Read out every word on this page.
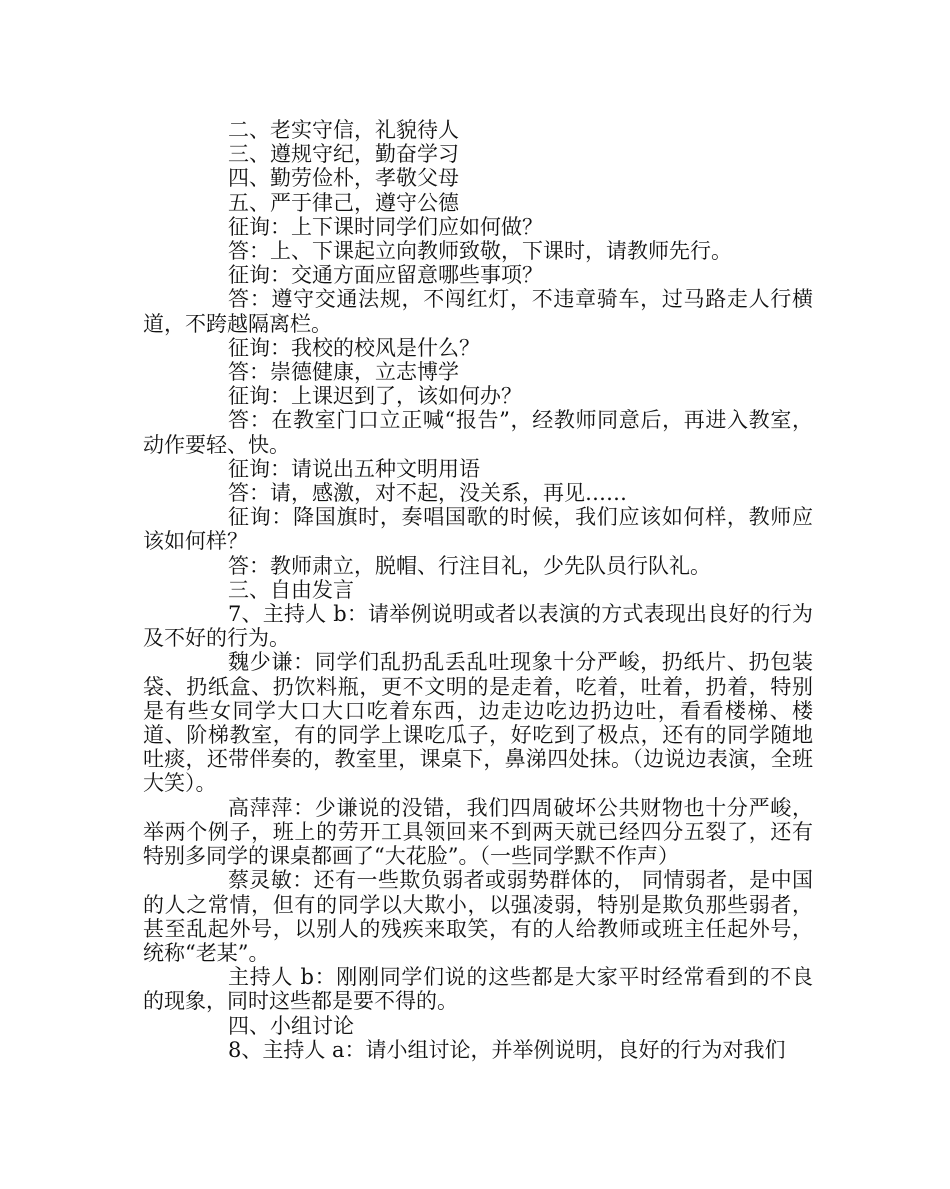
二、老实守信，礼貌待人

三、遵规守纪，勤奋学习

四、勤劳俭朴，孝敬父母

五、严于律己，遵守公德

征询：上下课时同学们应如何做？

答：上、下课起立向教师致敬，下课时，请教师先行。

征询：交通方面应留意哪些事项？

答：遵守交通法规，不闯红灯，不违章骑车，过马路走人行横道，不跨越隔离栏。

征询：我校的校风是什么？

答：崇德健康，立志博学

征询：上课迟到了，该如何办？

答：在教室门口立正喊“报告”，经教师同意后，再进入教室，动作要轻、快。

征询：请说出五种文明用语

答：请，感激，对不起，没关系，再见……

征询：降国旗时，奏唱国歌的时候，我们应该如何样，教师应该如何样？

答：教师肃立，脱帽、行注目礼，少先队员行队礼。

三、自由发言

7、主持人 b：请举例说明或者以表演的方式表现出良好的行为及不好的行为。

魏少谦：同学们乱扔乱丢乱吐现象十分严峻，扔纸片、扔包装袋、扔纸盒、扔饮料瓶，更不文明的是走着，吃着，吐着，扔着，特别是有些女同学大口大口吃着东西，边走边吃边扔边吐，看看楼梯、楼道、阶梯教室，有的同学上课吃瓜子，好吃到了极点，还有的同学随地吐痰，还带伴奏的，教室里，课桌下，鼻涕四处抹。（边说边表演，全班大笑）。

高萍萍：少谦说的没错，我们四周破坏公共财物也十分严峻，举两个例子，班上的劳开工具领回来不到两天就已经四分五裂了，还有特别多同学的课桌都画了“大花脸”。（一些同学默不作声）

蔡灵敏：还有一些欺负弱者或弱势群体的， 同情弱者，是中国的人之常情，但有的同学以大欺小，以强凌弱，特别是欺负那些弱者，甚至乱起外号，以别人的残疾来取笑，有的人给教师或班主任起外号，统称“老某”。

主持人 b：刚刚同学们说的这些都是大家平时经常看到的不良的现象，同时这些都是要不得的。

四、小组讨论

8、主持人 a：请小组讨论，并举例说明，良好的行为对我们
